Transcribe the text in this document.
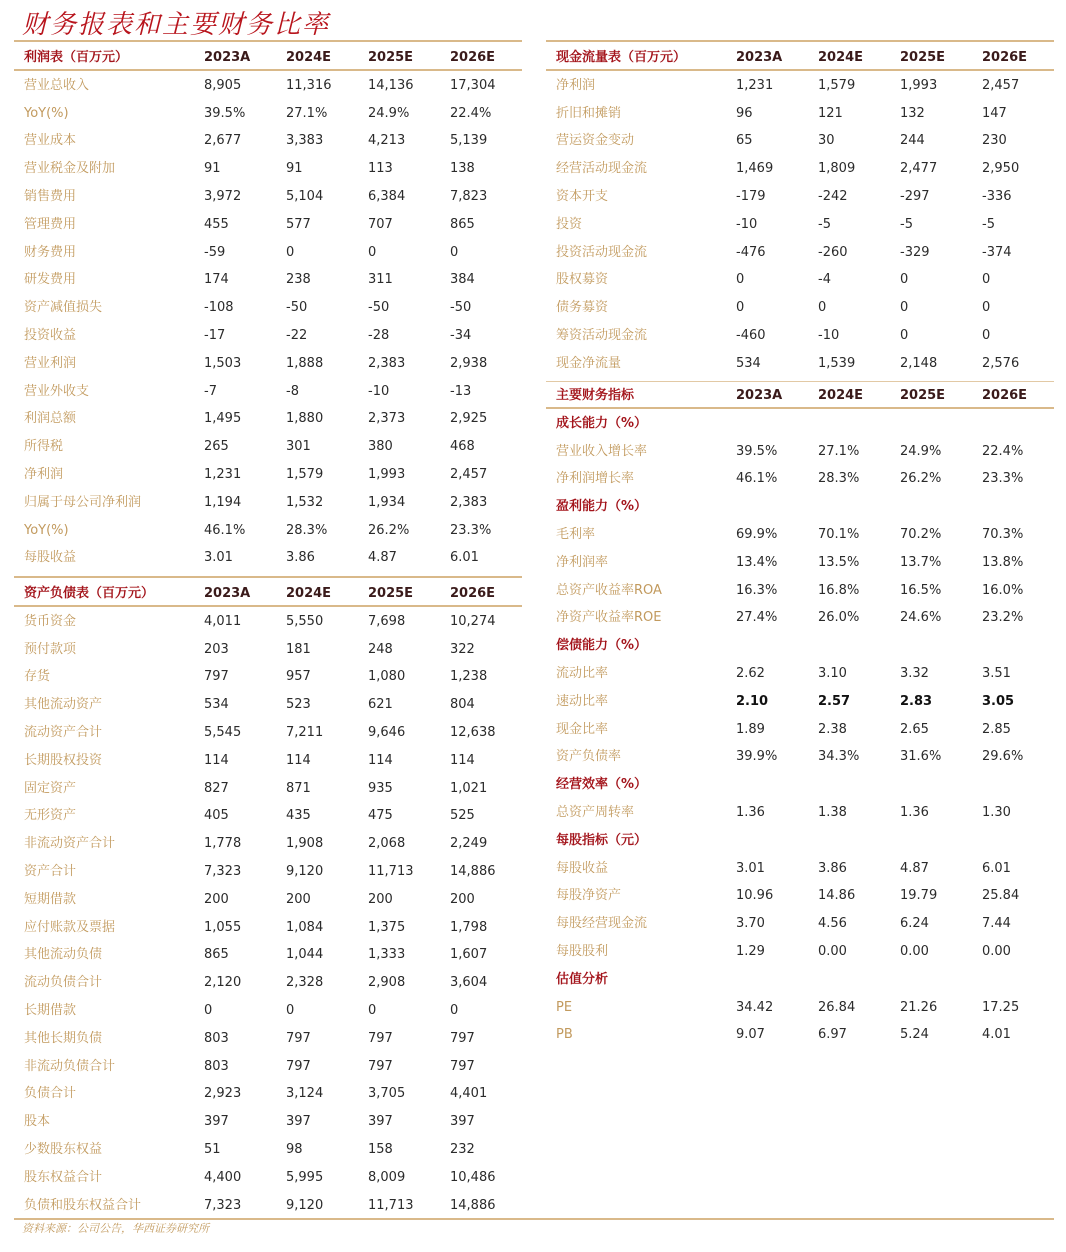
财务报表和主要财务比率
利润表（百万元）	2023A	2024E	2025E	2026E
营业总收入	8,905	11,316	14,136	17,304
YoY(%)	39.5%	27.1%	24.9%	22.4%
营业成本	2,677	3,383	4,213	5,139
营业税金及附加	91	91	113	138
销售费用	3,972	5,104	6,384	7,823
管理费用	455	577	707	865
财务费用	-59	0	0	0
研发费用	174	238	311	384
资产减值损失	-108	-50	-50	-50
投资收益	-17	-22	-28	-34
营业利润	1,503	1,888	2,383	2,938
营业外收支	-7	-8	-10	-13
利润总额	1,495	1,880	2,373	2,925
所得税	265	301	380	468
净利润	1,231	1,579	1,993	2,457
归属于母公司净利润	1,194	1,532	1,934	2,383
YoY(%)	46.1%	28.3%	26.2%	23.3%
每股收益	3.01	3.86	4.87	6.01
资产负债表（百万元）	2023A	2024E	2025E	2026E
货币资金	4,011	5,550	7,698	10,274
预付款项	203	181	248	322
存货	797	957	1,080	1,238
其他流动资产	534	523	621	804
流动资产合计	5,545	7,211	9,646	12,638
长期股权投资	114	114	114	114
固定资产	827	871	935	1,021
无形资产	405	435	475	525
非流动资产合计	1,778	1,908	2,068	2,249
资产合计	7,323	9,120	11,713	14,886
短期借款	200	200	200	200
应付账款及票据	1,055	1,084	1,375	1,798
其他流动负债	865	1,044	1,333	1,607
流动负债合计	2,120	2,328	2,908	3,604
长期借款	0	0	0	0
其他长期负债	803	797	797	797
非流动负债合计	803	797	797	797
负债合计	2,923	3,124	3,705	4,401
股本	397	397	397	397
少数股东权益	51	98	158	232
股东权益合计	4,400	5,995	8,009	10,486
负债和股东权益合计	7,323	9,120	11,713	14,886
现金流量表（百万元）	2023A	2024E	2025E	2026E
净利润	1,231	1,579	1,993	2,457
折旧和摊销	96	121	132	147
营运资金变动	65	30	244	230
经营活动现金流	1,469	1,809	2,477	2,950
资本开支	-179	-242	-297	-336
投资	-10	-5	-5	-5
投资活动现金流	-476	-260	-329	-374
股权募资	0	-4	0	0
债务募资	0	0	0	0
筹资活动现金流	-460	-10	0	0
现金净流量	534	1,539	2,148	2,576
主要财务指标	2023A	2024E	2025E	2026E
成长能力（%）
营业收入增长率	39.5%	27.1%	24.9%	22.4%
净利润增长率	46.1%	28.3%	26.2%	23.3%
盈利能力（%）
毛利率	69.9%	70.1%	70.2%	70.3%
净利润率	13.4%	13.5%	13.7%	13.8%
总资产收益率ROA	16.3%	16.8%	16.5%	16.0%
净资产收益率ROE	27.4%	26.0%	24.6%	23.2%
偿债能力（%）
流动比率	2.62	3.10	3.32	3.51
速动比率	2.10	2.57	2.83	3.05
现金比率	1.89	2.38	2.65	2.85
资产负债率	39.9%	34.3%	31.6%	29.6%
经营效率（%）
总资产周转率	1.36	1.38	1.36	1.30
每股指标（元）
每股收益	3.01	3.86	4.87	6.01
每股净资产	10.96	14.86	19.79	25.84
每股经营现金流	3.70	4.56	6.24	7.44
每股股利	1.29	0.00	0.00	0.00
估值分析
PE	34.42	26.84	21.26	17.25
PB	9.07	6.97	5.24	4.01
资料来源：公司公告，华西证券研究所
